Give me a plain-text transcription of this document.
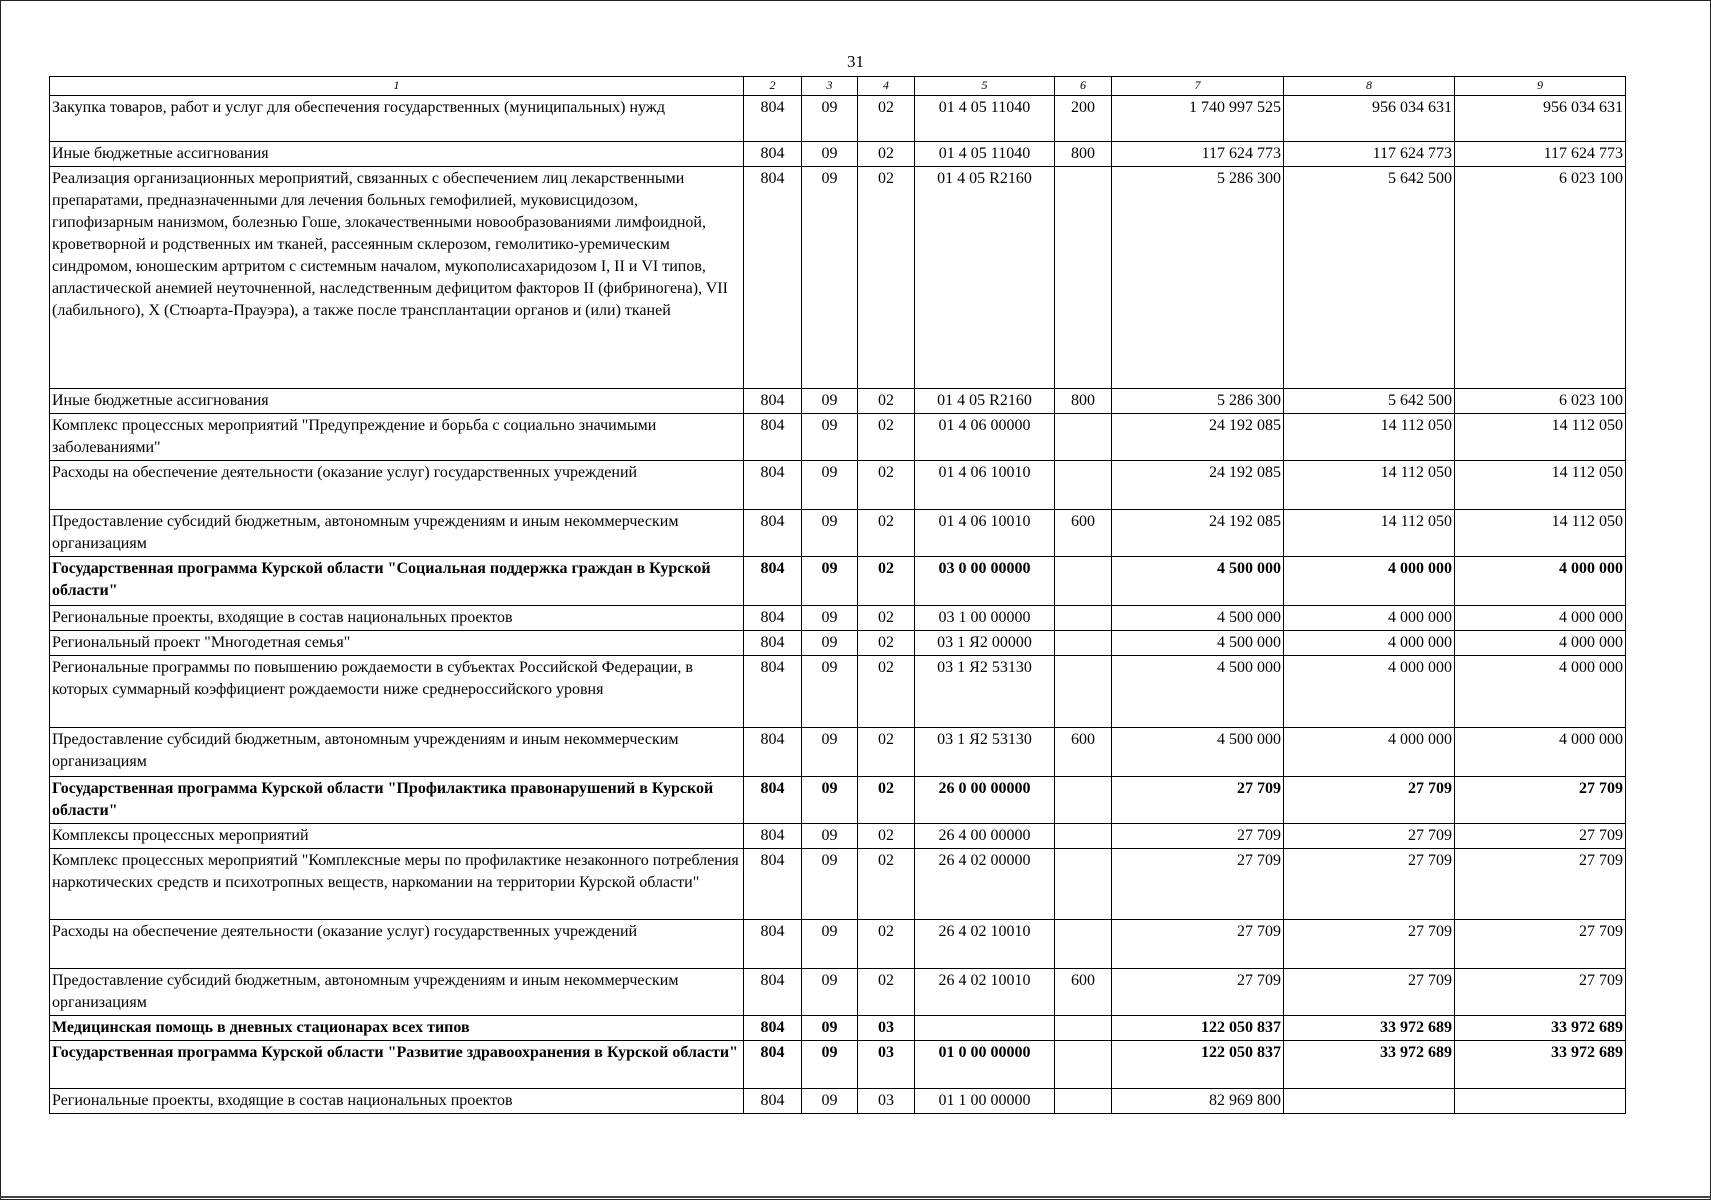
31
1	2	3	4	5	6	7	8	9
Закупка товаров, работ и услуг для обеспечения государственных (муниципальных) нужд	804	09	02	01 4 05 11040	200	1 740 997 525	956 034 631	956 034 631
Иные бюджетные ассигнования	804	09	02	01 4 05 11040	800	117 624 773	117 624 773	117 624 773
Реализация организационных мероприятий, связанных с обеспечением лиц лекарственными препаратами, предназначенными для лечения больных гемофилией, муковисцидозом, гипофизарным нанизмом, болезнью Гоше, злокачественными новообразованиями лимфоидной, кроветворной и родственных им тканей, рассеянным склерозом, гемолитико-уремическим синдромом, юношеским артритом с системным началом, мукополисахаридозом I, II и VI типов, апластической анемией неуточненной, наследственным дефицитом факторов II (фибриногена), VII (лабильного), X (Стюарта-Прауэра), а также после трансплантации органов и (или) тканей	804	09	02	01 4 05 R2160		5 286 300	5 642 500	6 023 100
Иные бюджетные ассигнования	804	09	02	01 4 05 R2160	800	5 286 300	5 642 500	6 023 100
Комплекс процессных мероприятий "Предупреждение и борьба с социально значимыми заболеваниями"	804	09	02	01 4 06 00000		24 192 085	14 112 050	14 112 050
Расходы на обеспечение деятельности (оказание услуг) государственных учреждений	804	09	02	01 4 06 10010		24 192 085	14 112 050	14 112 050
Предоставление субсидий бюджетным, автономным учреждениям и иным некоммерческим организациям	804	09	02	01 4 06 10010	600	24 192 085	14 112 050	14 112 050
Государственная программа Курской области "Социальная поддержка граждан в Курской области"	804	09	02	03 0 00 00000		4 500 000	4 000 000	4 000 000
Региональные проекты, входящие в состав национальных проектов	804	09	02	03 1 00 00000		4 500 000	4 000 000	4 000 000
Региональный проект "Многодетная семья"	804	09	02	03 1 Я2 00000		4 500 000	4 000 000	4 000 000
Региональные программы по повышению рождаемости в субъектах Российской Федерации, в которых суммарный коэффициент рождаемости ниже среднероссийского уровня	804	09	02	03 1 Я2 53130		4 500 000	4 000 000	4 000 000
Предоставление субсидий бюджетным, автономным учреждениям и иным некоммерческим организациям	804	09	02	03 1 Я2 53130	600	4 500 000	4 000 000	4 000 000
Государственная программа Курской области "Профилактика правонарушений в Курской области"	804	09	02	26 0 00 00000		27 709	27 709	27 709
Комплексы процессных мероприятий	804	09	02	26 4 00 00000		27 709	27 709	27 709
Комплекс процессных мероприятий "Комплексные меры по профилактике незаконного потребления наркотических средств и психотропных веществ, наркомании на территории Курской области"	804	09	02	26 4 02 00000		27 709	27 709	27 709
Расходы на обеспечение деятельности (оказание услуг) государственных учреждений	804	09	02	26 4 02 10010		27 709	27 709	27 709
Предоставление субсидий бюджетным, автономным учреждениям и иным некоммерческим организациям	804	09	02	26 4 02 10010	600	27 709	27 709	27 709
Медицинская помощь в дневных стационарах всех типов	804	09	03			122 050 837	33 972 689	33 972 689
Государственная программа Курской области "Развитие здравоохранения в Курской области"	804	09	03	01 0 00 00000		122 050 837	33 972 689	33 972 689
Региональные проекты, входящие в состав национальных проектов	804	09	03	01 1 00 00000		82 969 800		
